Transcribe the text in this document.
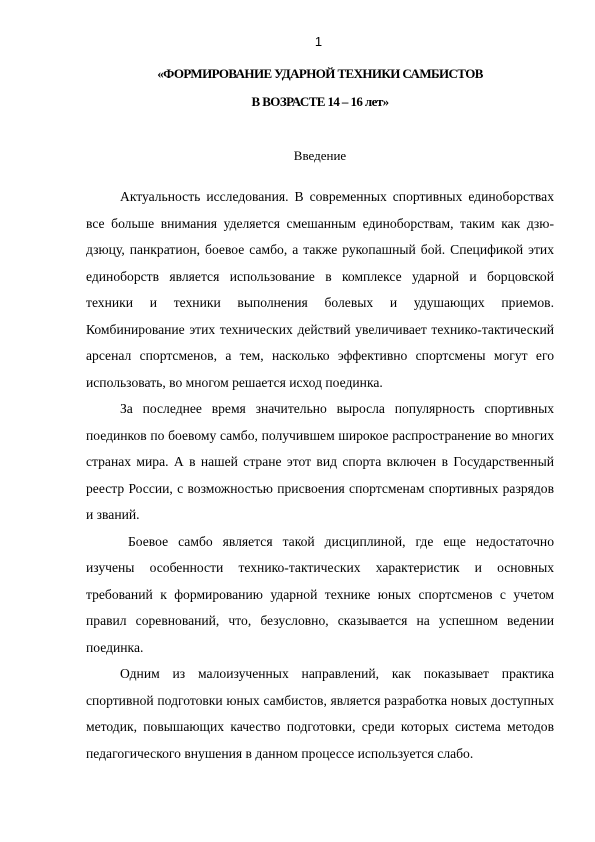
1
«ФОРМИРОВАНИЕ УДАРНОЙ ТЕХНИКИ САМБИСТОВ
В ВОЗРАСТЕ 14 – 16 лет»
Введение

Актуальность исследования. В современных спортивных единоборствах все больше внимания уделяется смешанным единоборствам, таким как дзю-дзюцу, панкратион, боевое самбо, а также рукопашный бой. Спецификой этих единоборств является использование в комплексе ударной и борцовской техники и техники выполнения болевых и удушающих приемов. Комбинирование этих технических действий увеличивает технико-тактический арсенал спортсменов, а тем, насколько эффективно спортсмены могут его использовать, во многом решается исход поединка.

За последнее время значительно выросла популярность спортивных поединков по боевому самбо, получившем широкое распространение во многих странах мира. А в нашей стране этот вид спорта включен в Государственный реестр России, с возможностью присвоения спортсменам спортивных разрядов и званий.

Боевое самбо является такой дисциплиной, где еще недостаточно изучены особенности технико-тактических характеристик и основных требований к формированию ударной технике юных спортсменов с учетом правил соревнований, что, безусловно, сказывается на успешном ведении поединка.

Одним из малоизученных направлений, как показывает практика спортивной подготовки юных самбистов, является разработка новых доступных методик, повышающих качество подготовки, среди которых система методов педагогического внушения в данном процессе используется слабо.
